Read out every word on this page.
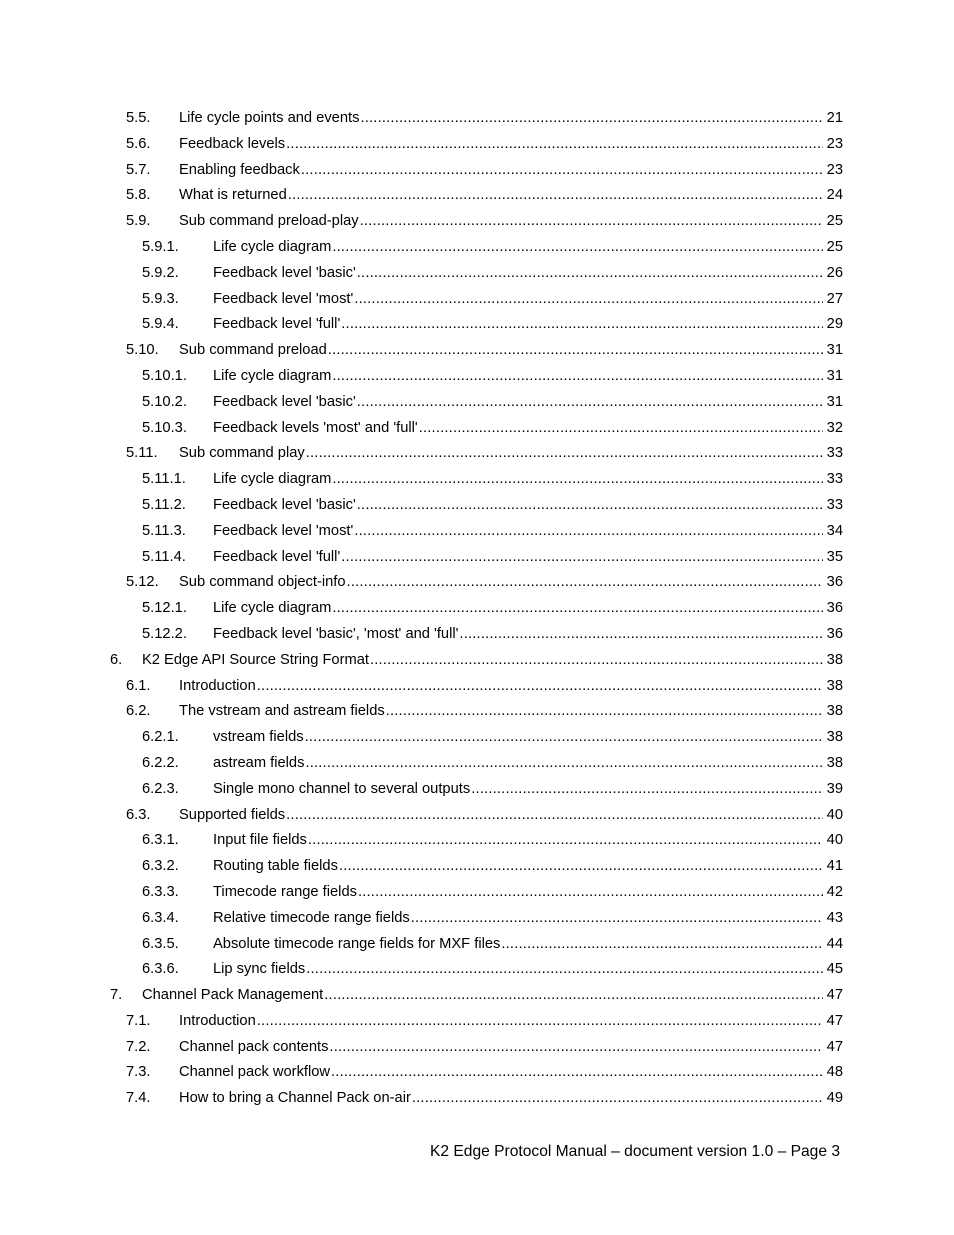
5.5. Life cycle points and events .....	21
5.6. Feedback levels .....	23
5.7. Enabling feedback .....	23
5.8. What is returned .....	24
5.9. Sub command preload-play .....	25
5.9.1. Life cycle diagram .....	25
5.9.2. Feedback level 'basic' .....	26
5.9.3. Feedback level 'most' .....	27
5.9.4. Feedback level 'full' .....	29
5.10. Sub command preload .....	31
5.10.1. Life cycle diagram .....	31
5.10.2. Feedback level 'basic' .....	31
5.10.3. Feedback levels 'most' and 'full' .....	32
5.11. Sub command play .....	33
5.11.1. Life cycle diagram .....	33
5.11.2. Feedback level 'basic' .....	33
5.11.3. Feedback level 'most' .....	34
5.11.4. Feedback level 'full' .....	35
5.12. Sub command object-info .....	36
5.12.1. Life cycle diagram .....	36
5.12.2. Feedback level 'basic', 'most' and 'full' .....	36
6. K2 Edge API Source String Format .....	38
6.1. Introduction .....	38
6.2. The vstream and astream fields .....	38
6.2.1. vstream fields .....	38
6.2.2. astream fields .....	38
6.2.3. Single mono channel to several outputs .....	39
6.3. Supported fields .....	40
6.3.1. Input file fields .....	40
6.3.2. Routing table fields .....	41
6.3.3. Timecode range fields .....	42
6.3.4. Relative timecode range fields .....	43
6.3.5. Absolute timecode range fields for MXF files .....	44
6.3.6. Lip sync fields .....	45
7. Channel Pack Management .....	47
7.1. Introduction .....	47
7.2. Channel pack contents .....	47
7.3. Channel pack workflow .....	48
7.4. How to bring a Channel Pack on-air .....	49
K2 Edge Protocol Manual – document version 1.0 – Page 3
